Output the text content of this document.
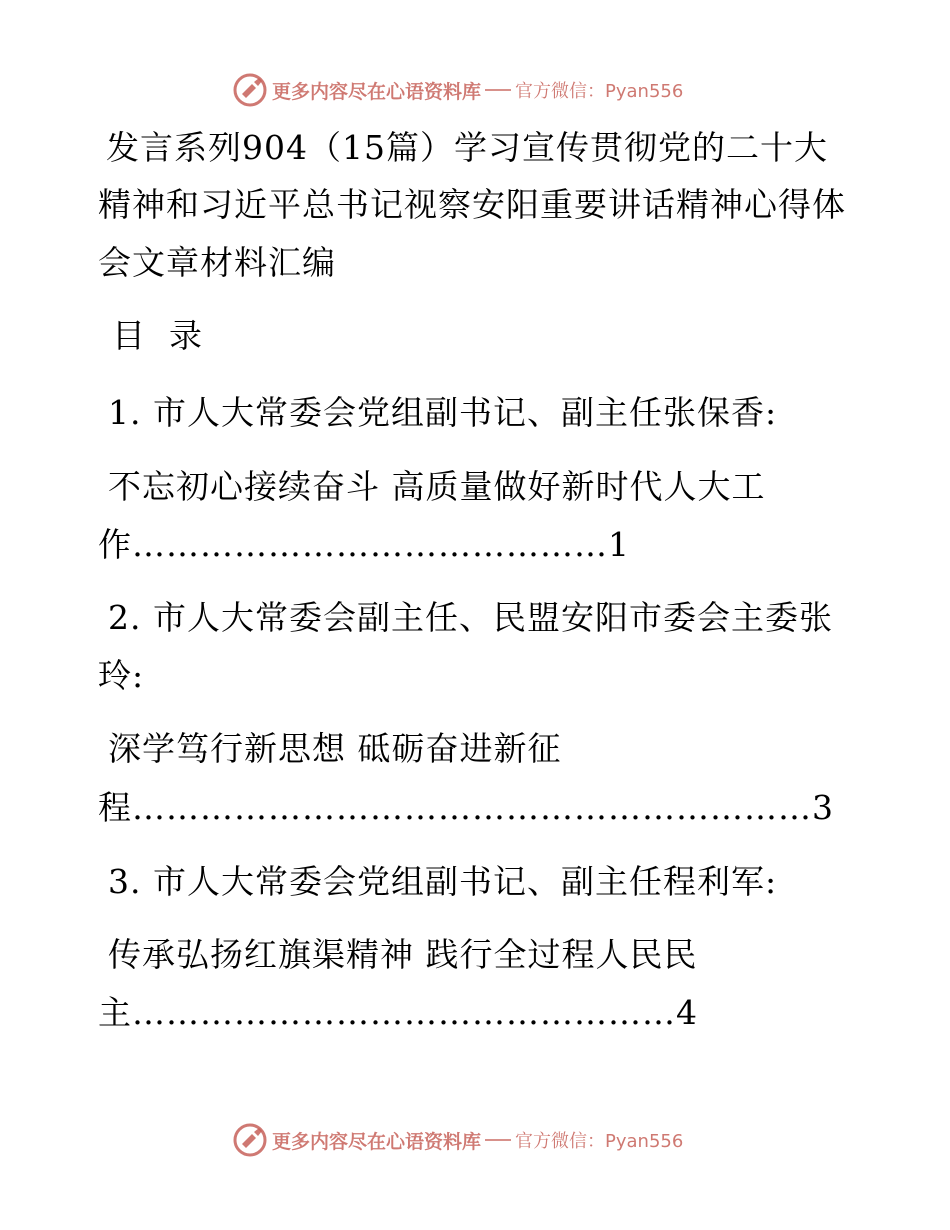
更多内容尽在心语资料库 官方微信：Pyan556
发言系列904（15篇）学习宣传贯彻党的二十大
精神和习近平总书记视察安阳重要讲话精神心得体
会文章材料汇编
目  录
1. 市人大常委会党组副书记、副主任张保香:
不忘初心接续奋斗 高质量做好新时代人大工
作……………………………………1
2. 市人大常委会副主任、民盟安阳市委会主委张
玲:
深学笃行新思想 砥砺奋进新征
程……………………………………………………3
3. 市人大常委会党组副书记、副主任程利军:
传承弘扬红旗渠精神 践行全过程人民民
主…………………………………………4
更多内容尽在心语资料库 官方微信：Pyan556
